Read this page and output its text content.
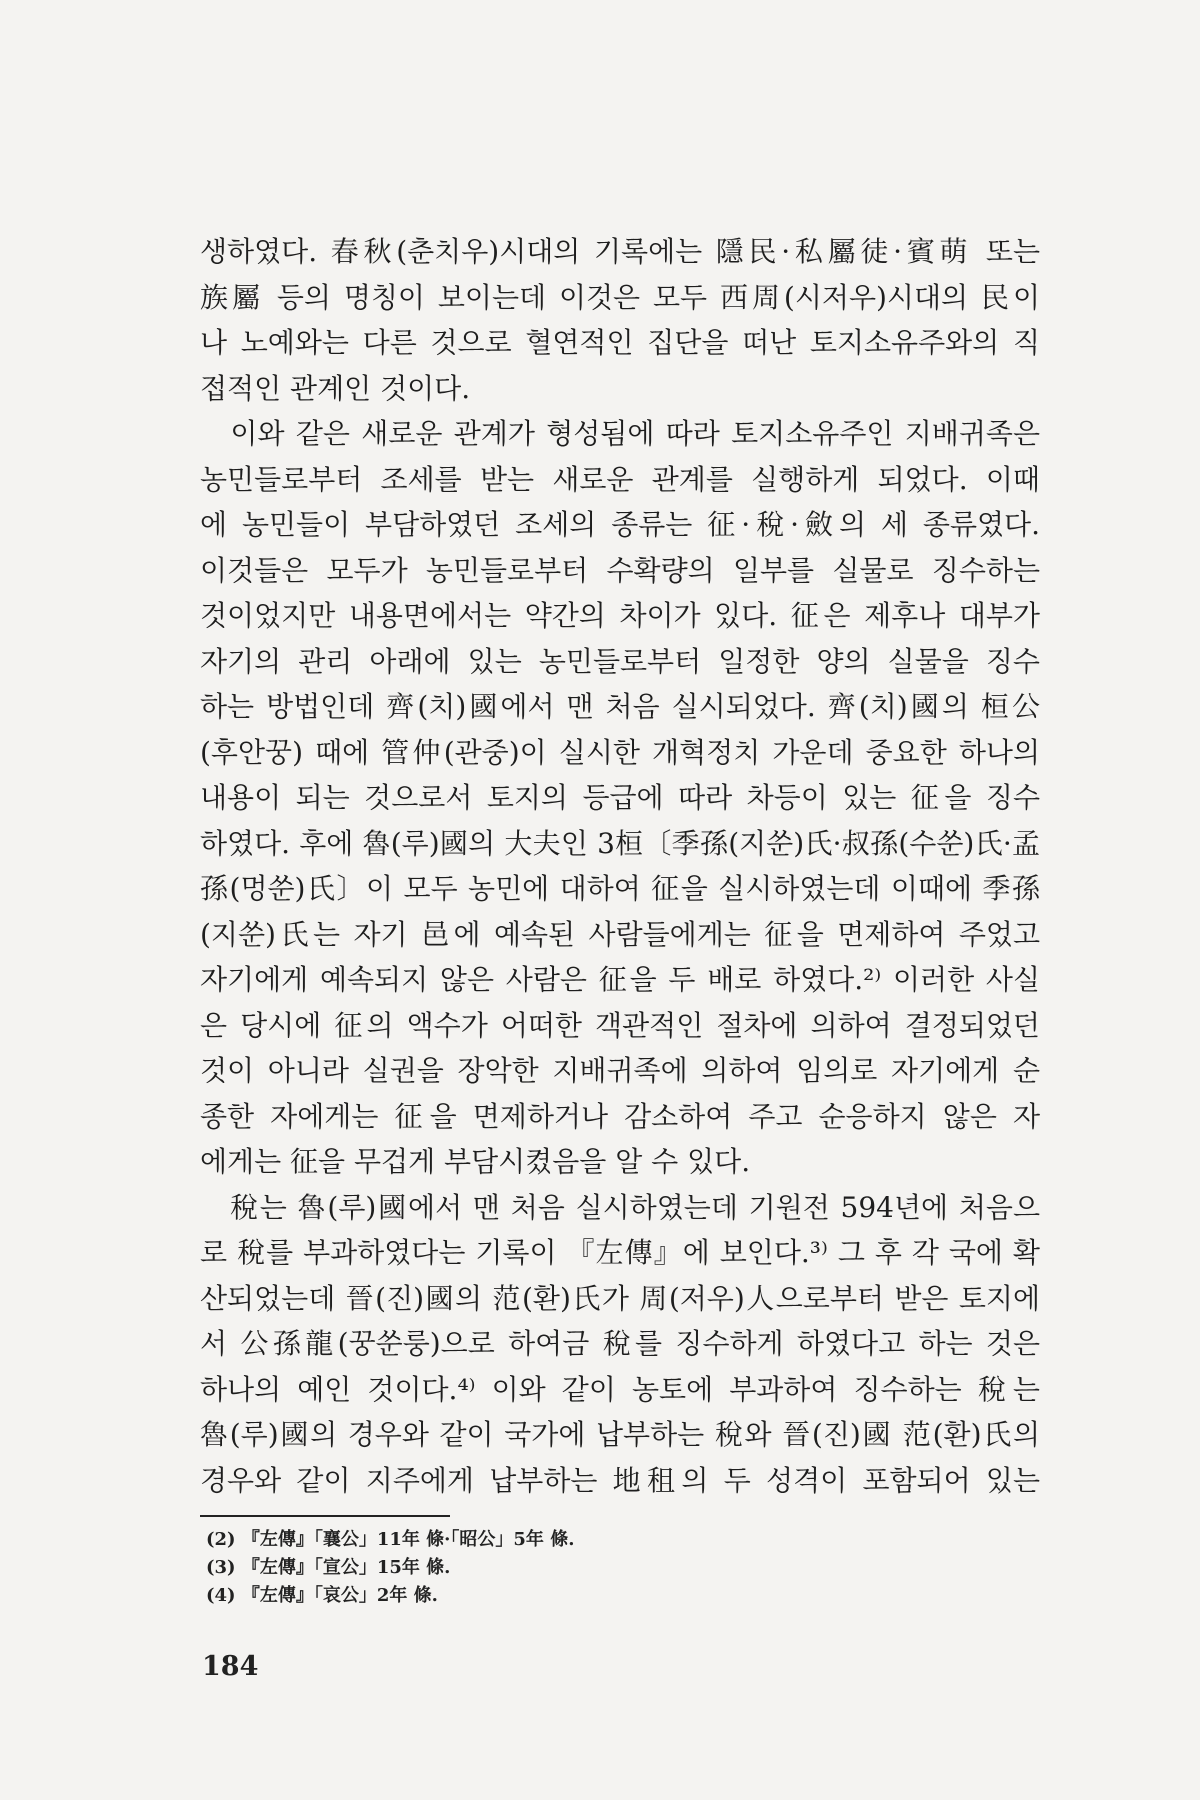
생하였다. 春秋(춘치우)시대의 기록에는 隱民·私屬徒·賓萌 또는
族屬 등의 명칭이 보이는데 이것은 모두 西周(시저우)시대의 民이
나 노예와는 다른 것으로 혈연적인 집단을 떠난 토지소유주와의 직
접적인 관계인 것이다.
　이와 같은 새로운 관계가 형성됨에 따라 토지소유주인 지배귀족은
농민들로부터 조세를 받는 새로운 관계를 실행하게 되었다. 이때
에 농민들이 부담하였던 조세의 종류는 征·稅·斂의 세 종류였다.
이것들은 모두가 농민들로부터 수확량의 일부를 실물로 징수하는
것이었지만 내용면에서는 약간의 차이가 있다. 征은 제후나 대부가
자기의 관리 아래에 있는 농민들로부터 일정한 양의 실물을 징수
하는 방법인데 齊(치)國에서 맨 처음 실시되었다. 齊(치)國의 桓公
(후안꿍) 때에 管仲(관중)이 실시한 개혁정치 가운데 중요한 하나의
내용이 되는 것으로서 토지의 등급에 따라 차등이 있는 征을 징수
하였다. 후에 魯(루)國의 大夫인 3桓〔季孫(지쑨)氏·叔孫(수쑨)氏·孟
孫(멍쑨)氏〕이 모두 농민에 대하여 征을 실시하였는데 이때에 季孫
(지쑨)氏는 자기 邑에 예속된 사람들에게는 征을 면제하여 주었고
자기에게 예속되지 않은 사람은 征을 두 배로 하였다.²⁾ 이러한 사실
은 당시에 征의 액수가 어떠한 객관적인 절차에 의하여 결정되었던
것이 아니라 실권을 장악한 지배귀족에 의하여 임의로 자기에게 순
종한 자에게는 征을 면제하거나 감소하여 주고 순응하지 않은 자
에게는 征을 무겁게 부담시켰음을 알 수 있다.
　稅는 魯(루)國에서 맨 처음 실시하였는데 기원전 594년에 처음으
로 稅를 부과하였다는 기록이 『左傳』에 보인다.³⁾ 그 후 각 국에 확
산되었는데 晉(진)國의 范(환)氏가 周(저우)人으로부터 받은 토지에
서 公孫龍(꿍쑨룽)으로 하여금 稅를 징수하게 하였다고 하는 것은
하나의 예인 것이다.⁴⁾ 이와 같이 농토에 부과하여 징수하는 稅는
魯(루)國의 경우와 같이 국가에 납부하는 稅와 晉(진)國 范(환)氏의
경우와 같이 지주에게 납부하는 地租의 두 성격이 포함되어 있는
(2) 『左傳』「襄公」11年 條·「昭公」5年 條.
(3) 『左傳』「宣公」15年 條.
(4) 『左傳』「哀公」2年 條.
184
